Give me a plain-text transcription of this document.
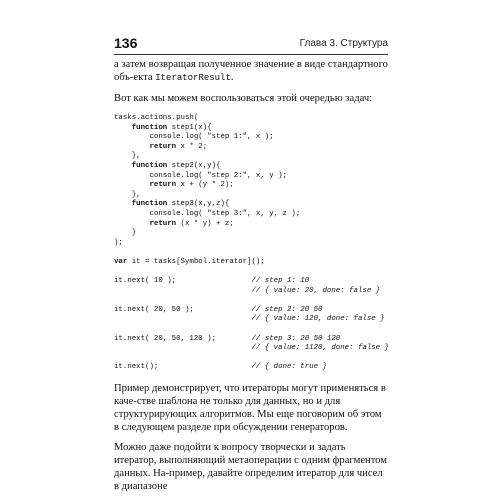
136	Глава 3. Структура

а затем возвращая полученное значение в виде стандартного объ-екта IteratorResult.

Вот как мы можем воспользоваться этой очередью задач:

tasks.actions.push(
function step1(x){
console.log( "step 1:", x );
return x * 2;
},
function step2(x,y){
console.log( "step 2:", x, y );
return x + (y * 2);
},
function step3(x,y,z){
console.log( "step 3:", x, y, z );
return (x * y) + z;
}
);

var it = tasks[Symbol.iterator]();

it.next( 10 );                 // step 1: 10
// { value: 20, done: false }

it.next( 20, 50 );             // step 2: 20 50
// { value: 120, done: false }

it.next( 20, 50, 120 );        // step 3: 20 50 120
// { value: 1120, done: false }

it.next();                     // { done: true }

Пример демонстрирует, что итераторы могут применяться в каче-стве шаблона не только для данных, но и для структурирующих алгоритмов. Мы еще поговорим об этом в следующем разделе при обсуждении генераторов.

Можно даже подойти к вопросу творчески и задать итератор, выполняющий метаоперации с одним фрагментом данных. На-пример, давайте определим итератор для чисел в диапазоне
